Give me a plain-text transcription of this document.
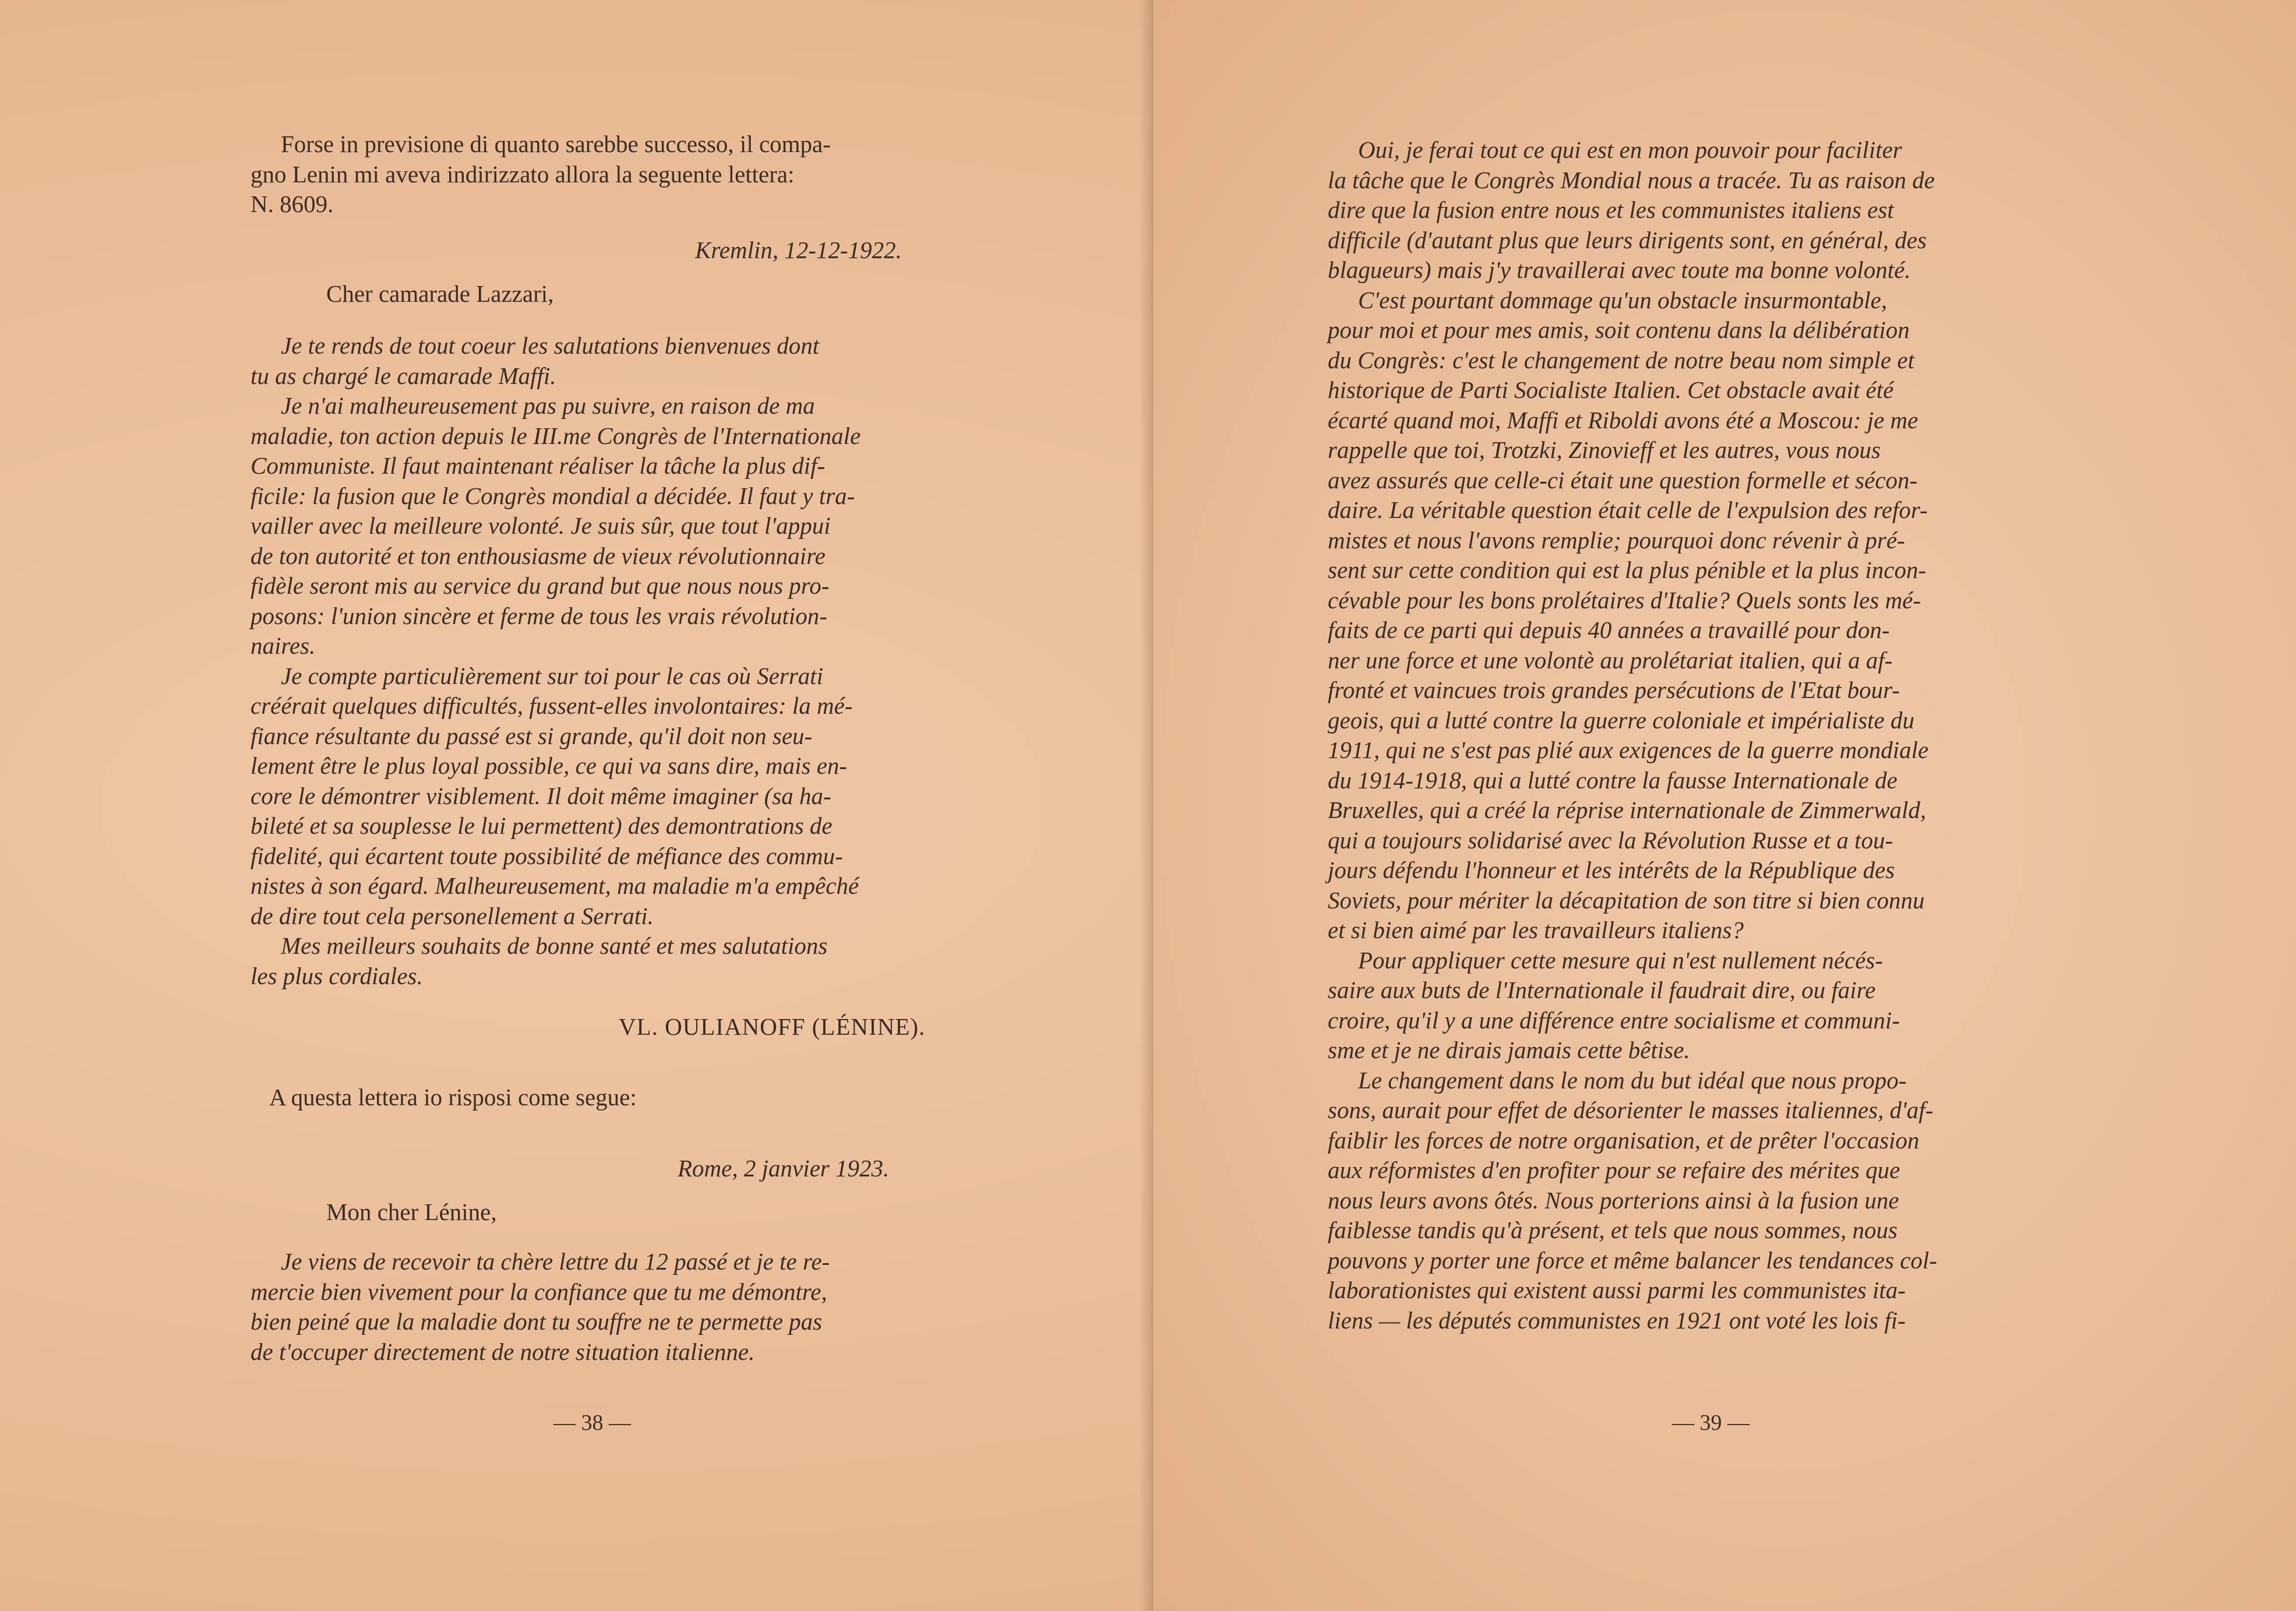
Forse in previsione di quanto sarebbe successo, il compa-
gno Lenin mi aveva indirizzato allora la seguente lettera:
N. 8609.
Kremlin, 12-12-1922.
Cher camarade Lazzari,
Je te rends de tout coeur les salutations bienvenues dont
tu as chargé le camarade Maffi.
Je n'ai malheureusement pas pu suivre, en raison de ma
maladie, ton action depuis le III.me Congrès de l'Internationale
Communiste. Il faut maintenant réaliser la tâche la plus dif-
ficile: la fusion que le Congrès mondial a décidée. Il faut y tra-
vailler avec la meilleure volonté. Je suis sûr, que tout l'appui
de ton autorité et ton enthousiasme de vieux révolutionnaire
fidèle seront mis au service du grand but que nous nous pro-
posons: l'union sincère et ferme de tous les vrais révolution-
naires.
Je compte particulièrement sur toi pour le cas où Serrati
créérait quelques difficultés, fussent-elles involontaires: la mé-
fiance résultante du passé est si grande, qu'il doit non seu-
lement être le plus loyal possible, ce qui va sans dire, mais en-
core le démontrer visiblement. Il doit même imaginer (sa ha-
bileté et sa souplesse le lui permettent) des demontrations de
fidelité, qui écartent toute possibilité de méfiance des commu-
nistes à son égard. Malheureusement, ma maladie m'a empêché
de dire tout cela personellement a Serrati.
Mes meilleurs souhaits de bonne santé et mes salutations
les plus cordiales.
VL. OULIANOFF (LÉNINE).
A questa lettera io risposi come segue:
Rome, 2 janvier 1923.
Mon cher Lénine,
Je viens de recevoir ta chère lettre du 12 passé et je te re-
mercie bien vivement pour la confiance que tu me démontre,
bien peiné que la maladie dont tu souffre ne te permette pas
de t'occuper directement de notre situation italienne.
— 38 —
Oui, je ferai tout ce qui est en mon pouvoir pour faciliter
la tâche que le Congrès Mondial nous a tracée. Tu as raison de
dire que la fusion entre nous et les communistes italiens est
difficile (d'autant plus que leurs dirigents sont, en général, des
blagueurs) mais j'y travaillerai avec toute ma bonne volonté.
C'est pourtant dommage qu'un obstacle insurmontable,
pour moi et pour mes amis, soit contenu dans la délibération
du Congrès: c'est le changement de notre beau nom simple et
historique de Parti Socialiste Italien. Cet obstacle avait été
écarté quand moi, Maffi et Riboldi avons été a Moscou: je me
rappelle que toi, Trotzki, Zinovieff et les autres, vous nous
avez assurés que celle-ci était une question formelle et sécon-
daire. La véritable question était celle de l'expulsion des refor-
mistes et nous l'avons remplie; pourquoi donc révenir à pré-
sent sur cette condition qui est la plus pénible et la plus incon-
cévable pour les bons prolétaires d'Italie? Quels sonts les mé-
faits de ce parti qui depuis 40 années a travaillé pour don-
ner une force et une volontè au prolétariat italien, qui a af-
fronté et vaincues trois grandes persécutions de l'Etat bour-
geois, qui a lutté contre la guerre coloniale et impérialiste du
1911, qui ne s'est pas plié aux exigences de la guerre mondiale
du 1914-1918, qui a lutté contre la fausse Internationale de
Bruxelles, qui a créé la réprise internationale de Zimmerwald,
qui a toujours solidarisé avec la Révolution Russe et a tou-
jours défendu l'honneur et les intérêts de la République des
Soviets, pour mériter la décapitation de son titre si bien connu
et si bien aimé par les travailleurs italiens?
Pour appliquer cette mesure qui n'est nullement nécés-
saire aux buts de l'Internationale il faudrait dire, ou faire
croire, qu'il y a une différence entre socialisme et communi-
sme et je ne dirais jamais cette bêtise.
Le changement dans le nom du but idéal que nous propo-
sons, aurait pour effet de désorienter le masses italiennes, d'af-
faiblir les forces de notre organisation, et de prêter l'occasion
aux réformistes d'en profiter pour se refaire des mérites que
nous leurs avons ôtés. Nous porterions ainsi à la fusion une
faiblesse tandis qu'à présent, et tels que nous sommes, nous
pouvons y porter une force et même balancer les tendances col-
laborationistes qui existent aussi parmi les communistes ita-
liens — les députés communistes en 1921 ont voté les lois fi-
— 39 —
